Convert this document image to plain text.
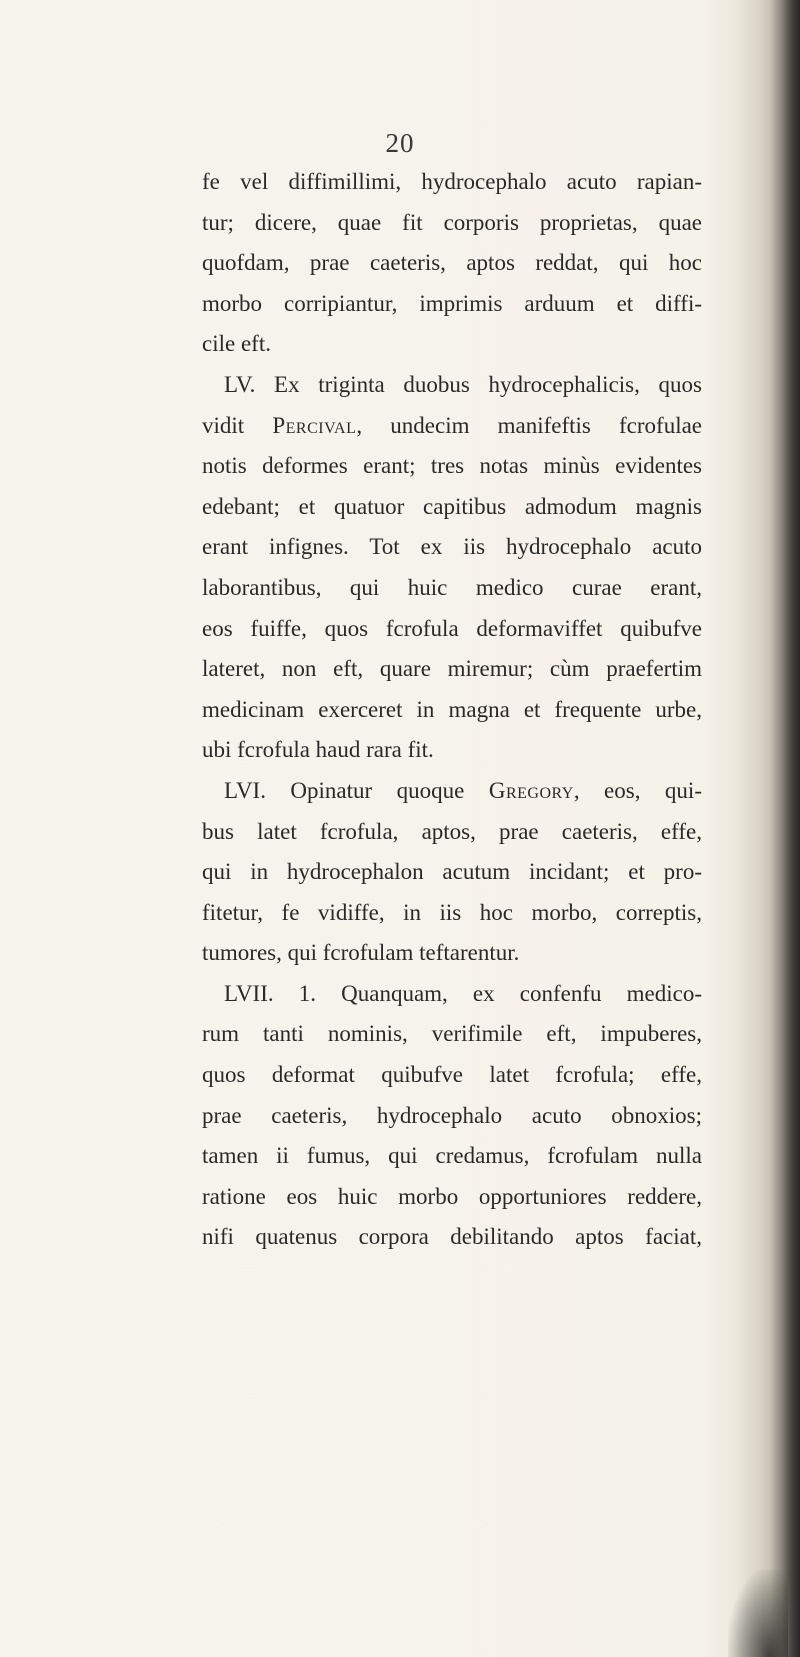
20
fe vel diffimillimi, hydrocephalo acuto rapian-
tur; dicere, quae fit corporis proprietas, quae
quofdam, prae caeteris, aptos reddat, qui hoc
morbo corripiantur, imprimis arduum et diffi-
cile eft.
LV. Ex triginta duobus hydrocephalicis, quos
vidit Percival, undecim manifeftis fcrofulae
notis deformes erant; tres notas minùs evidentes
edebant; et quatuor capitibus admodum magnis
erant infignes. Tot ex iis hydrocephalo acuto
laborantibus, qui huic medico curae erant,
eos fuiffe, quos fcrofula deformaviffet quibufve
lateret, non eft, quare miremur; cùm praefertim
medicinam exerceret in magna et frequente urbe,
ubi fcrofula haud rara fit.
LVI. Opinatur quoque Gregory, eos, qui-
bus latet fcrofula, aptos, prae caeteris, effe,
qui in hydrocephalon acutum incidant; et pro-
fitetur, fe vidiffe, in iis hoc morbo, correptis,
tumores, qui fcrofulam teftarentur.
LVII. 1. Quanquam, ex confenfu medico-
rum tanti nominis, verifimile eft, impuberes,
quos deformat quibufve latet fcrofula; effe,
prae caeteris, hydrocephalo acuto obnoxios;
tamen ii fumus, qui credamus, fcrofulam nulla
ratione eos huic morbo opportuniores reddere,
nifi quatenus corpora debilitando aptos faciat,
